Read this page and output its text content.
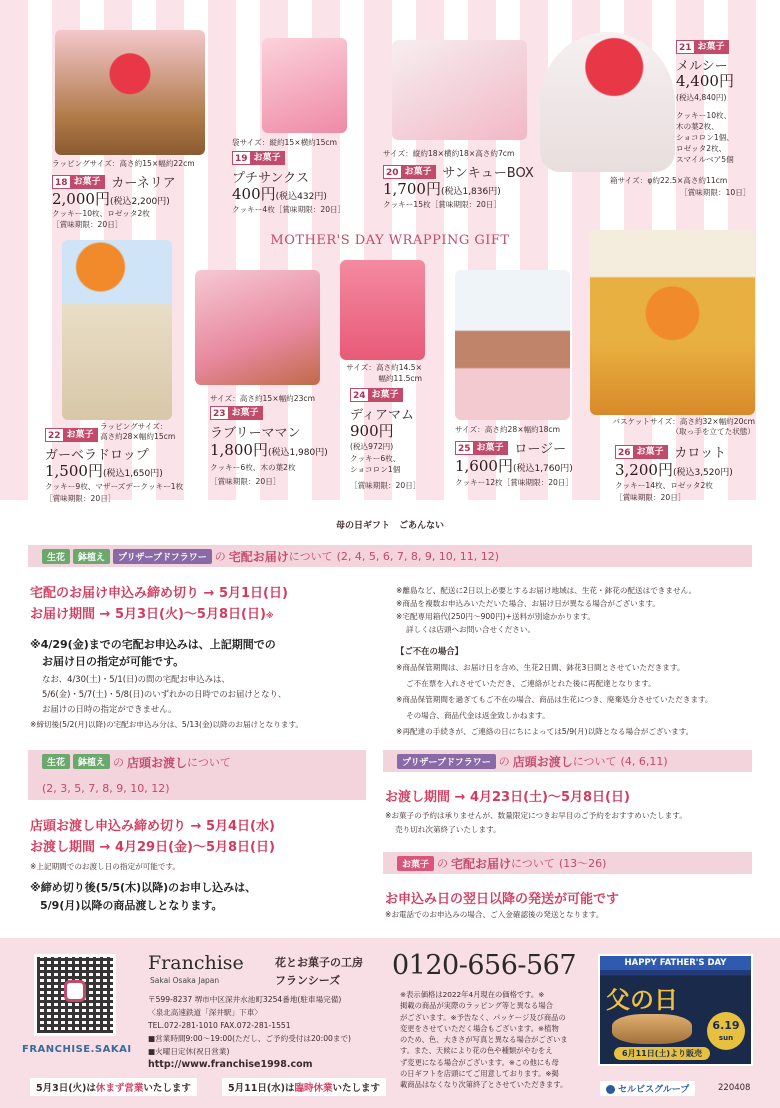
ラッピングサイズ：高さ約15×幅約22cm
18 お菓子 カーネリア
2,000円(税込2,200円)
クッキー10枚、ロゼッタ2枚
［賞味期限：20日］
袋サイズ：縦約15×横約15cm
19 お菓子
プチサンクス
400円(税込432円)
クッキー4枚［賞味期限：20日］
サイズ：縦約18×横約18×高さ約7cm
20 お菓子 サンキューBOX
1,700円(税込1,836円)
クッキー15枚［賞味期限：20日］
21 お菓子
メルシー
4,400円
(税込4,840円)
クッキー10枚、
木の葉2枚、
ショコロン1個、
ロゼッタ2枚、
スマイルベア5個
箱サイズ：φ約22.5×高さ約11cm
［賞味期限：10日］
MOTHER'S DAY WRAPPING GIFT
ラッピングサイズ：
高さ約28×幅約15cm
22 お菓子
ガーベラドロップ
1,500円(税込1,650円)
クッキー9枚、マザーズデークッキー1枚
［賞味期限：20日］
サイズ：高さ約15×幅約23cm
23 お菓子
ラブリーママン
1,800円(税込1,980円)
クッキー6枚、木の葉2枚
［賞味期限：20日］
サイズ：高さ約14.5×
幅約11.5cm
24 お菓子
ディアマム
900円
(税込972円)
クッキー6枚、
ショコロン1個
［賞味期限：20日］
サイズ：高さ約28×幅約18cm
25 お菓子 ロージー
1,600円(税込1,760円)
クッキー12枚［賞味期限：20日］
バスケットサイズ：高さ約32×幅約20cm
（取っ手を立てた状態）
26 お菓子 カロット
3,200円(税込3,520円)
クッキー14枚、ロゼッタ2枚
［賞味期限：20日］
母の日ギフト　ごあんない
生花	鉢植え	プリザーブドフラワー の 宅配お届け について (2, 4, 5, 6, 7, 8, 9, 10, 11, 12)
宅配のお届け申込み締め切り → 5月1日(日)
お届け期間 → 5月3日(火)〜5月8日(日)※
※4/29(金)までの宅配お申込みは、上記期間での
お届け日の指定が可能です。
なお、4/30(土)・5/1(日)の間の宅配お申込みは、
5/6(金)・5/7(土)・5/8(日)のいずれかの日時でのお届けとなり、
お届けの日時の指定ができません。
※締切後(5/2(月)以降)の宅配お申込み分は、5/13(金)以降のお届けとなります。
※離島など、配送に2日以上必要とするお届け地域は、生花・鉢花の配送はできません。
※商品を複数お申込みいただいた場合、お届け日が異なる場合がございます。
※宅配専用箱代(250円〜900円)+送料が別途かかります。
詳しくは店頭へお問い合せください。
【ご不在の場合】
※商品保管期間は、お届け日を含め、生花2日間、鉢花3日間とさせていただきます。
ご不在票を入れさせていただき、ご連絡がとれた後に再配達となります。
※商品保管期間を過ぎてもご不在の場合、商品は生花につき、廃棄処分させていただきます。
その場合、商品代金は返金致しかねます。
※再配達の手続きが、ご連絡の日にちによっては5/9(月)以降となる場合がございます。
生花	鉢植え の 店頭お渡し について
(2, 3, 5, 7, 8, 9, 10, 12)
店頭お渡し申込み締め切り → 5月4日(水)
お渡し期間 → 4月29日(金)〜5月8日(日)
※上記期間でのお渡し日の指定が可能です。
※締め切り後(5/5(木)以降)のお申し込みは、
5/9(月)以降の商品渡しとなります。
プリザーブドフラワー の 店頭お渡し について (4, 6,11)
お渡し期間 → 4月23日(土)〜5月8日(日)
※お菓子の予約は承りませんが、数量限定につきお早目のご予約をおすすめいたします。
売り切れ次第終了いたします。
お菓子 の 宅配お届け について (13〜26)
お申込み日の翌日以降の発送が可能です
※お電話でのお申込みの場合、ご入金確認後の発送となります。
FRANCHISE.SAKAI
Franchise
Sakai Osaka Japan
花とお菓子の工房
フランシーズ 0120-656-567
〒599-8237 堺市中区深井水池町3254番地(駐車場完備)
〈泉北高速鉄道「深井駅」下車〉
TEL.072-281-1010 FAX.072-281-1551
■営業時間9:00〜19:00(ただし、ご予約受付は20:00まで)
■火曜日定休(祝日営業)
http://www.franchise1998.com
※表示価格は2022年4月現在の価格です。※
掲載の商品が実際のラッピング等と異なる場合
がございます。※予告なく、パッケージ及び商品の
変更をさせていただく場合もございます。※植物
のため、色、大きさが写真と異なる場合がございま
す。また、天候により花の色や種類がやむをえ
ず変更になる場合がございます。※この他にも母
の日ギフトを店頭にてご用意しております。※掲
載商品はなくなり次第終了とさせていただきます。
5月3日(火)は休まず営業いたします	5月11日(水)は臨時休業いたします
HAPPY FATHER'S DAY
父の日
6.19
sun
6月11日(土)より販売
セルビスグループ	220408
